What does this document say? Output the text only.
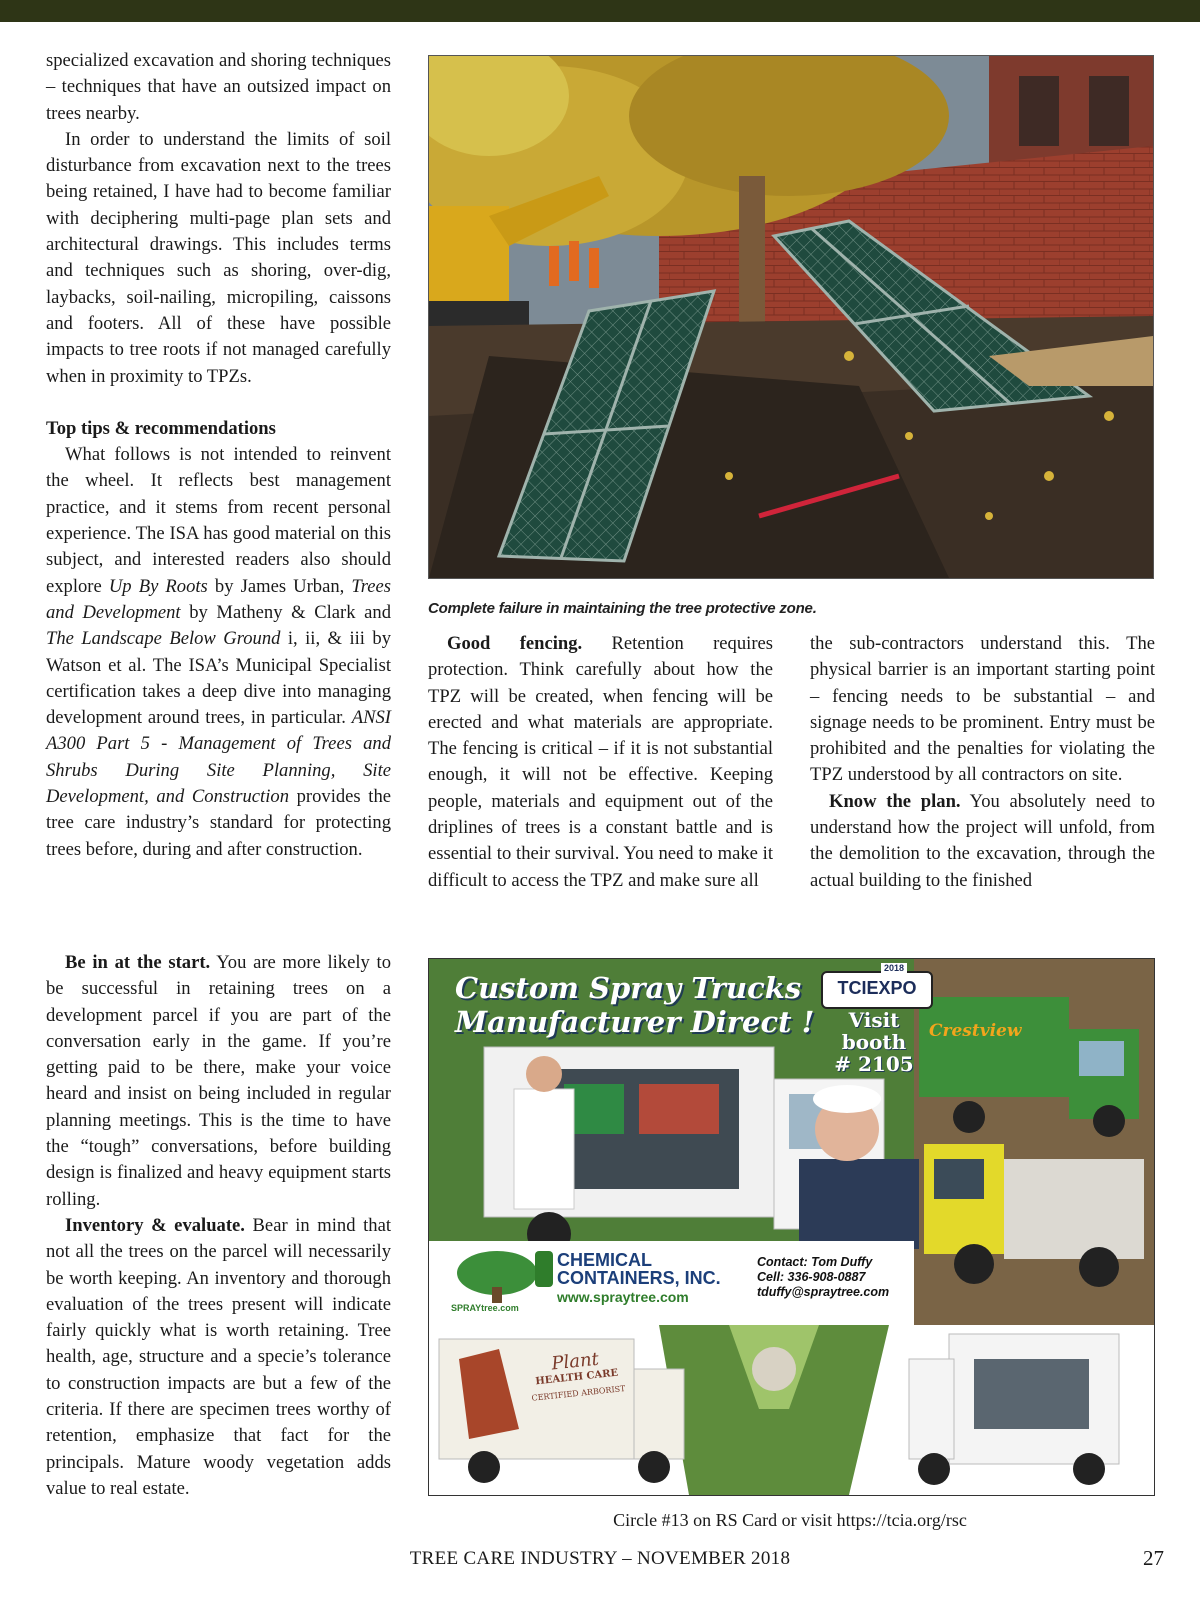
specialized excavation and shoring techniques – techniques that have an outsized impact on trees nearby.

In order to understand the limits of soil disturbance from excavation next to the trees being retained, I have had to become familiar with deciphering multi-page plan sets and architectural drawings. This includes terms and techniques such as shoring, over-dig, laybacks, soil-nailing, micropiling, caissons and footers. All of these have possible impacts to tree roots if not managed carefully when in proximity to TPZs.

Top tips & recommendations

What follows is not intended to reinvent the wheel. It reflects best management practice, and it stems from recent personal experience. The ISA has good material on this subject, and interested readers also should explore Up By Roots by James Urban, Trees and Development by Matheny & Clark and The Landscape Below Ground i, ii, & iii by Watson et al. The ISA’s Municipal Specialist certification takes a deep dive into managing development around trees, in particular. ANSI A300 Part 5 - Management of Trees and Shrubs During Site Planning, Site Development, and Construction provides the tree care industry’s standard for protecting trees before, during and after construction.

Be in at the start. You are more likely to be successful in retaining trees on a development parcel if you are part of the conversation early in the game. If you’re getting paid to be there, make your voice heard and insist on being included in regular planning meetings. This is the time to have the “tough” conversations, before building design is finalized and heavy equipment starts rolling.

Inventory & evaluate. Bear in mind that not all the trees on the parcel will necessarily be worth keeping. An inventory and thorough evaluation of the trees present will indicate fairly quickly what is worth retaining. Tree health, age, structure and a specie’s tolerance to construction impacts are but a few of the criteria. If there are specimen trees worthy of retention, emphasize that fact for the principals. Mature woody vegetation adds value to real estate.

Complete failure in maintaining the tree protective zone.

Good fencing. Retention requires protection. Think carefully about how the TPZ will be created, when fencing will be erected and what materials are appropriate. The fencing is critical – if it is not substantial enough, it will not be effective. Keeping people, materials and equipment out of the driplines of trees is a constant battle and is essential to their survival. You need to make it difficult to access the TPZ and make sure all

the sub-contractors understand this. The physical barrier is an important starting point – fencing needs to be substantial – and signage needs to be prominent. Entry must be prohibited and the penalties for violating the TPZ understood by all contractors on site.

Know the plan. You absolutely need to understand how the project will unfold, from the demolition to the excavation, through the actual building to the finished

Custom Spray Trucks
Manufacturer Direct !
TCIEXPO
2018
Visit booth
# 2105
Crestview
SPRAYtree.com
CHEMICAL
CONTAINERS, INC.
www.spraytree.com
Contact: Tom Duffy
Cell: 336-908-0887
tduffy@spraytree.com
Plant
HEALTH CARE
CERTIFIED ARBORIST
Circle #13 on RS Card or visit https://tcia.org/rsc
TREE CARE INDUSTRY – NOVEMBER 2018	27
